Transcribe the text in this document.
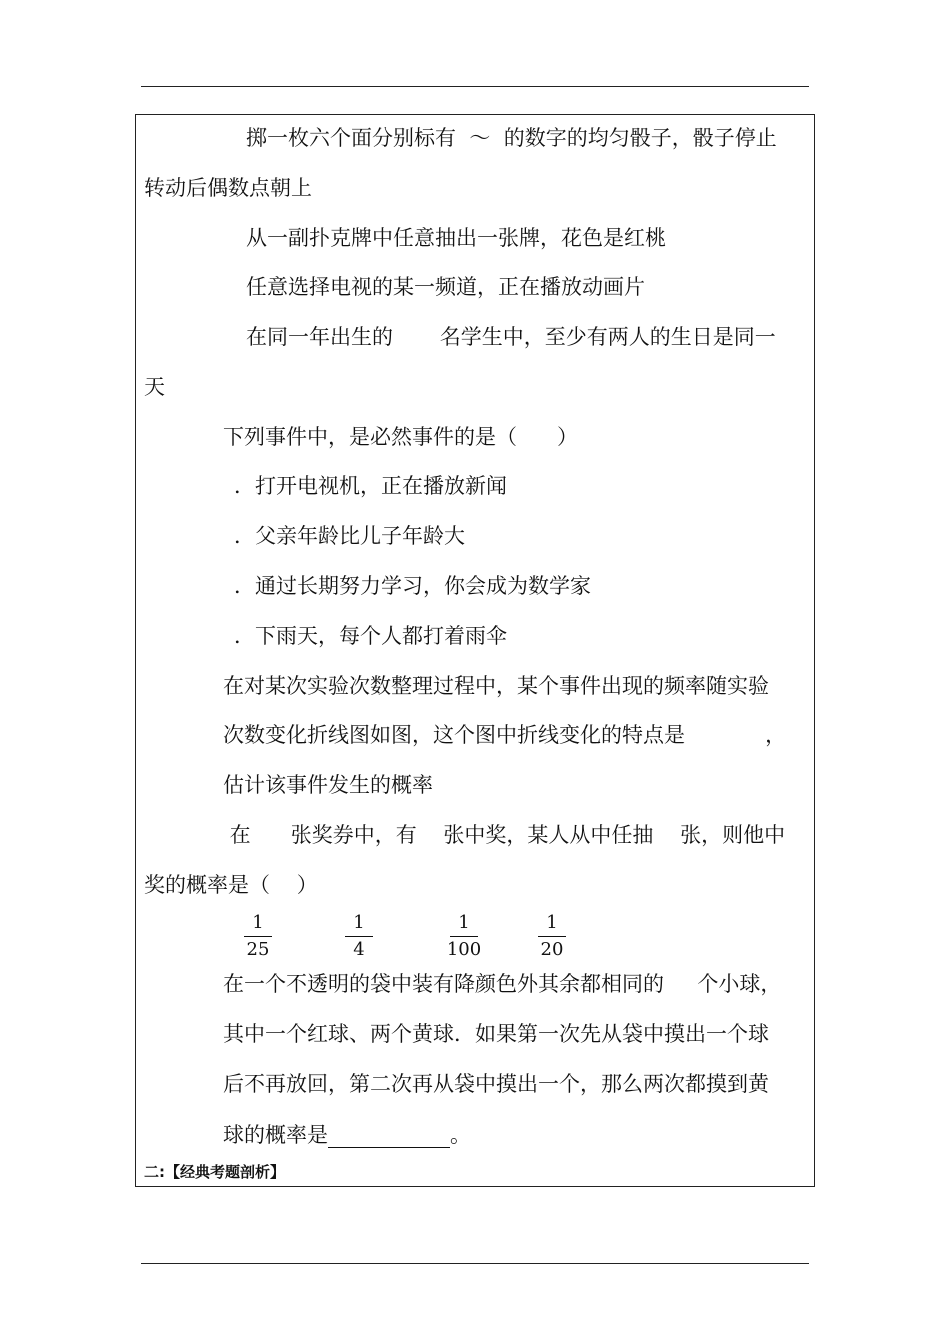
掷一枚六个面分别标有  ～  的数字的均匀骰子，骰子停止
转动后偶数点朝上
从一副扑克牌中任意抽出一张牌，花色是红桃
任意选择电视的某一频道，正在播放动画片
在同一年出生的       名学生中，至少有两人的生日是同一
天
下列事件中，是必然事件的是（      ）
．打开电视机，正在播放新闻
．父亲年龄比儿子年龄大
．通过长期努力学习，你会成为数学家
．下雨天，每个人都打着雨伞
在对某次实验次数整理过程中，某个事件出现的频率随实验
次数变化折线图如图，这个图中折线变化的特点是            ，
估计该事件发生的概率
在      张奖券中，有    张中奖，某人从中任抽    张，则他中
奖的概率是（    ）
1
25
1
4
1
100
1
20
在一个不透明的袋中装有降颜色外其余都相同的     个小球，
其中一个红球、两个黄球．如果第一次先从袋中摸出一个球
后不再放回，第二次再从袋中摸出一个，那么两次都摸到黄
球的概率是	。
二:【经典考题剖析】
